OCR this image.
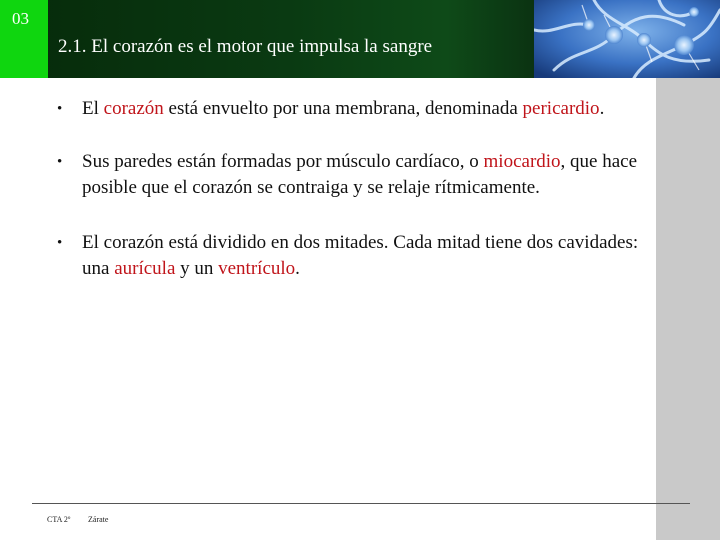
03
2.1. El corazón es el motor que impulsa la sangre
• El corazón está envuelto por una membrana, denominada pericardio.
• Sus paredes están formadas por músculo cardíaco, o miocardio, que hace posible que el corazón se contraiga y se relaje rítmicamente.
• El corazón está dividido en dos mitades. Cada mitad tiene dos cavidades: una aurícula y un ventrículo.
CTA 2º Zárate
